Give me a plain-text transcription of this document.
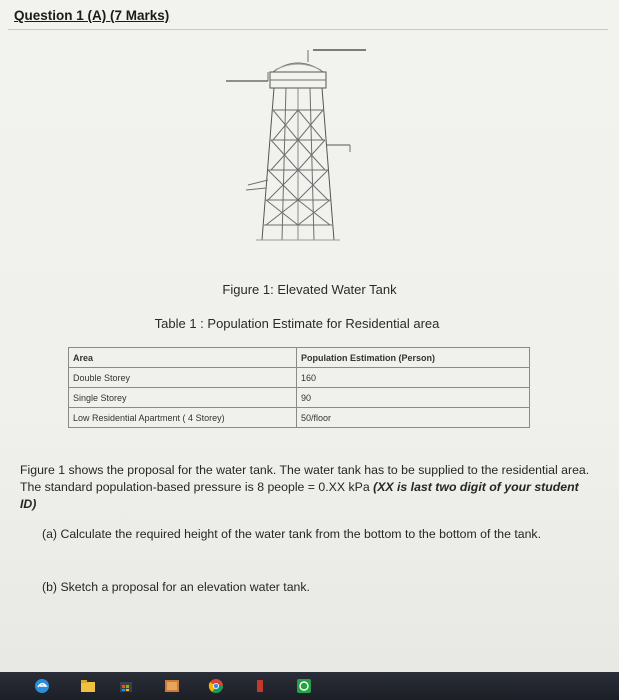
Question 1 (A) (7 Marks)
Figure 1: Elevated Water Tank
Table 1 : Population Estimate for Residential area
Area	Population Estimation (Person)
Double Storey	160
Single Storey	90
Low Residential Apartment ( 4 Storey)	50/floor
Figure 1 shows the proposal for the water tank. The water tank has to be supplied to the residential area. The standard population-based pressure is 8 people = 0.XX kPa (XX is last two digit of your student ID)
(a) Calculate the required height of the water tank from the bottom to the bottom of the tank.
(b) Sketch a proposal for an elevation water tank.
